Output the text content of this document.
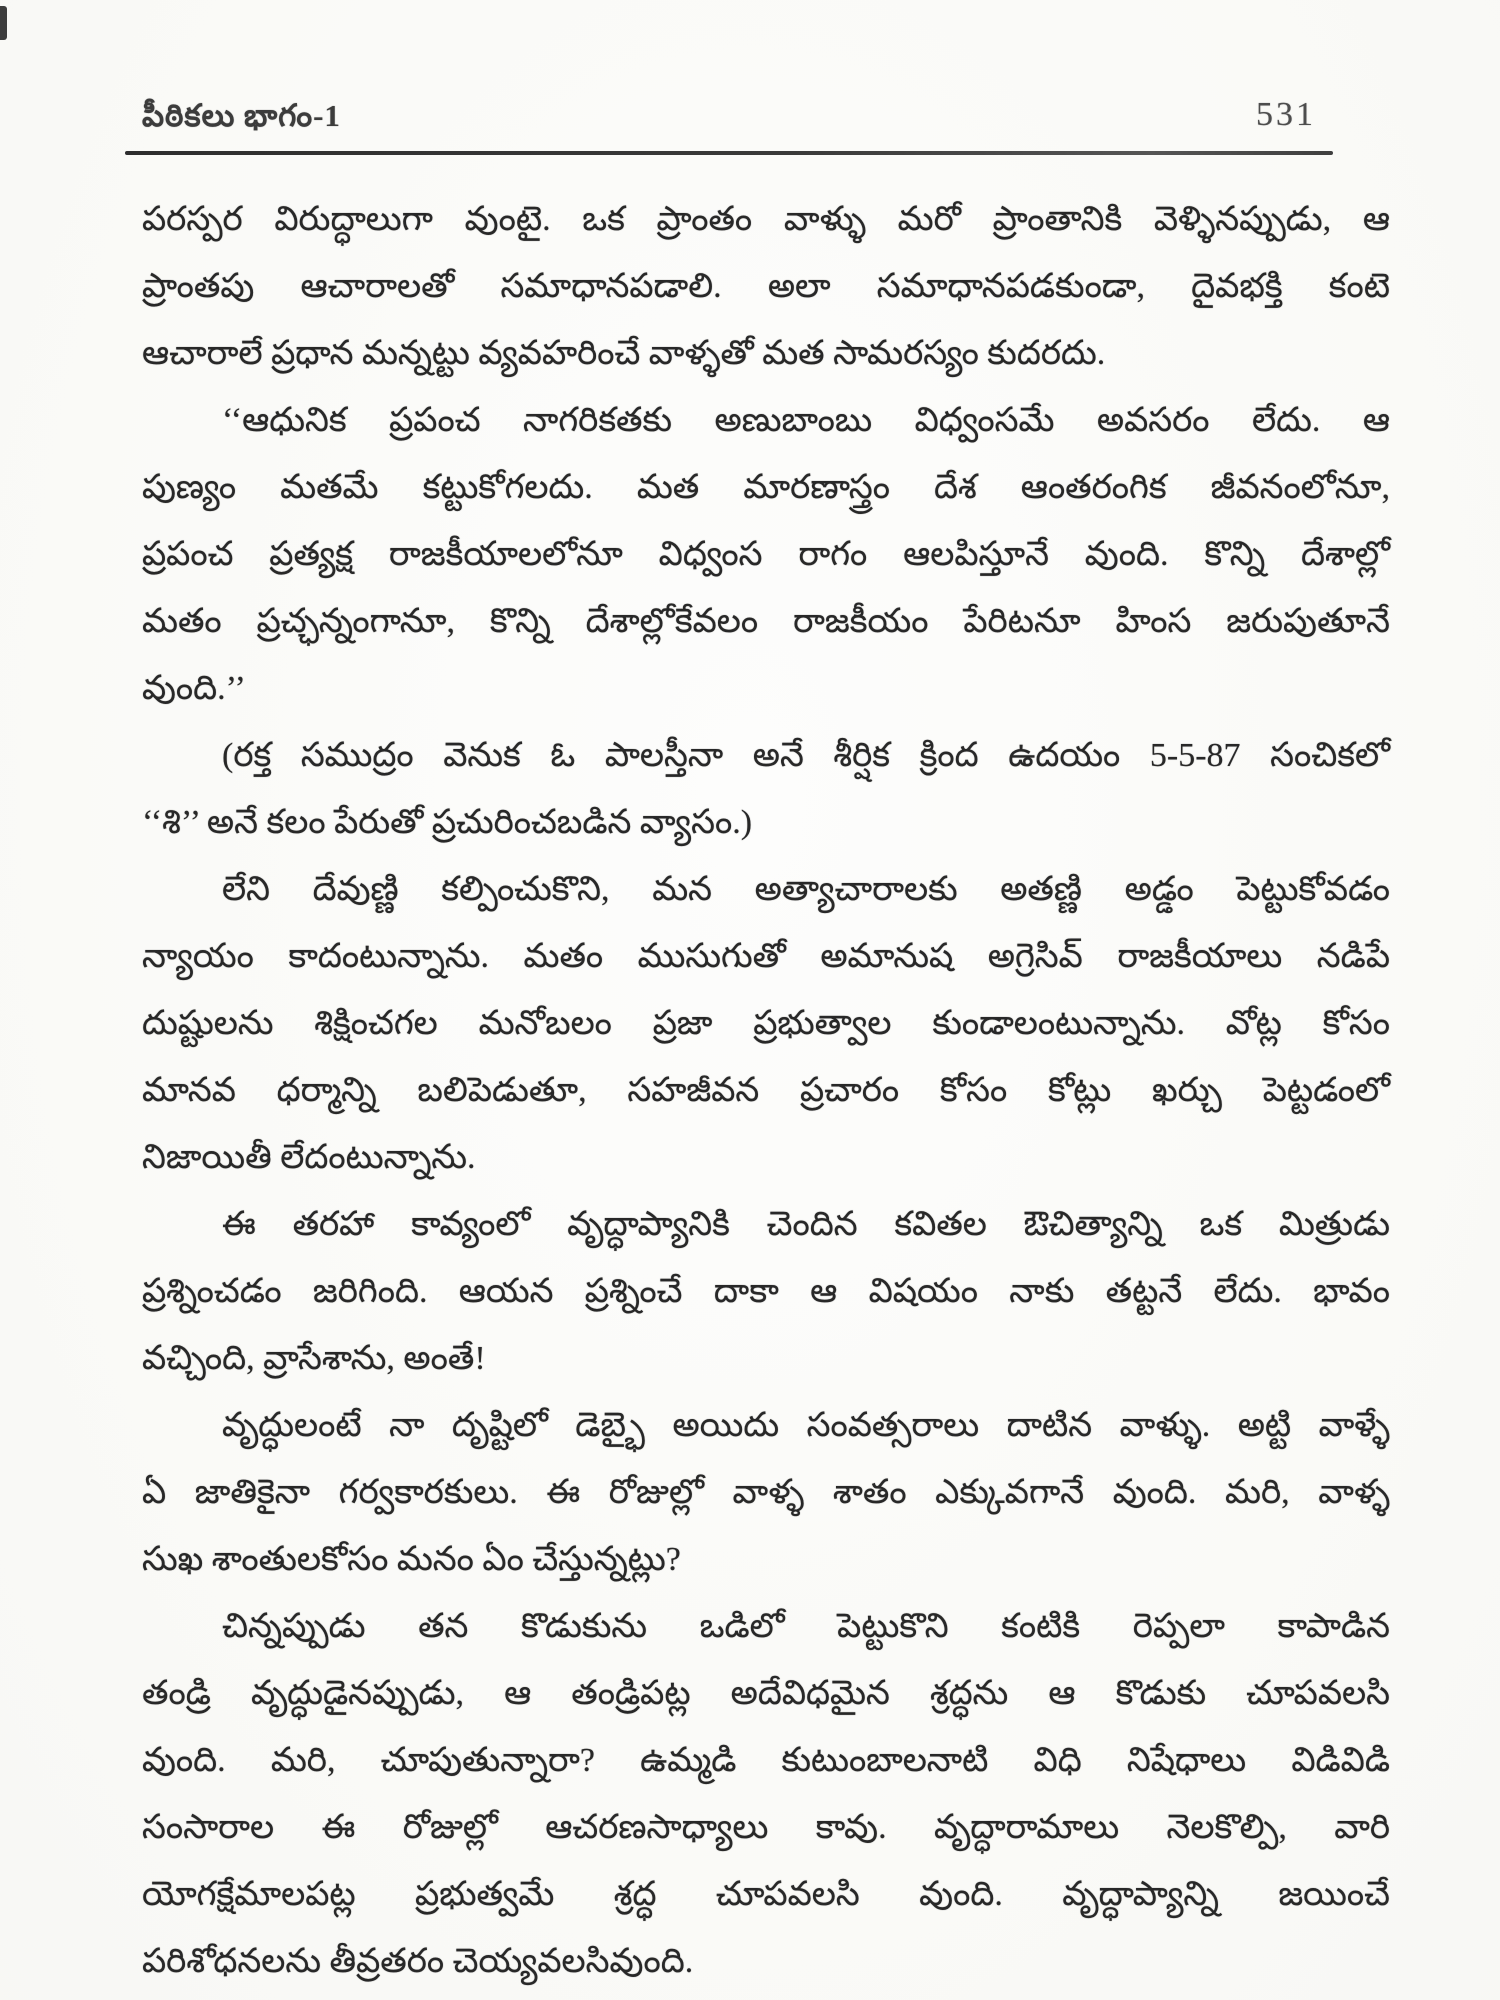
పీఠికలు భాగం-1	531
పరస్పర విరుద్ధాలుగా వుంటై. ఒక ప్రాంతం వాళ్ళు మరో ప్రాంతానికి వెళ్ళినప్పుడు, ఆ
ప్రాంతపు ఆచారాలతో సమాధానపడాలి. అలా సమాధానపడకుండా, దైవభక్తి కంటె
ఆచారాలే ప్రధాన మన్నట్టు వ్యవహరించే వాళ్ళతో మత సామరస్యం కుదరదు.
‘‘ఆధునిక ప్రపంచ నాగరికతకు అణుబాంబు విధ్వంసమే అవసరం లేదు. ఆ
పుణ్యం మతమే కట్టుకోగలదు. మత మారణాస్త్రం దేశ ఆంతరంగిక జీవనంలోనూ,
ప్రపంచ ప్రత్యక్ష రాజకీయాలలోనూ విధ్వంస రాగం ఆలపిస్తూనే వుంది. కొన్ని దేశాల్లో
మతం ప్రచ్ఛన్నంగానూ, కొన్ని దేశాల్లోకేవలం రాజకీయం పేరిటనూ హింస జరుపుతూనే
వుంది.’’
(రక్త సముద్రం వెనుక ఓ పాలస్తీనా అనే శీర్షిక క్రింద ఉదయం 5-5-87 సంచికలో
‘‘శి’’ అనే కలం పేరుతో ప్రచురించబడిన వ్యాసం.)
లేని దేవుణ్ణి కల్పించుకొని, మన అత్యాచారాలకు అతణ్ణి అడ్డం పెట్టుకోవడం
న్యాయం కాదంటున్నాను. మతం ముసుగుతో అమానుష అగ్రెసివ్ రాజకీయాలు నడిపే
దుష్టులను శిక్షించగల మనోబలం ప్రజా ప్రభుత్వాల కుండాలంటున్నాను. వోట్ల కోసం
మానవ ధర్మాన్ని బలిపెడుతూ, సహజీవన ప్రచారం కోసం కోట్లు ఖర్చు పెట్టడంలో
నిజాయితీ లేదంటున్నాను.
ఈ తరహా కావ్యంలో వృద్ధాప్యానికి చెందిన కవితల ఔచిత్యాన్ని ఒక మిత్రుడు
ప్రశ్నించడం జరిగింది. ఆయన ప్రశ్నించే దాకా ఆ విషయం నాకు తట్టనే లేదు. భావం
వచ్చింది, వ్రాసేశాను, అంతే!
వృద్ధులంటే నా దృష్టిలో డెబ్భై అయిదు సంవత్సరాలు దాటిన వాళ్ళు. అట్టి వాళ్ళే
ఏ జాతికైనా గర్వకారకులు. ఈ రోజుల్లో వాళ్ళ శాతం ఎక్కువగానే వుంది. మరి, వాళ్ళ
సుఖ శాంతులకోసం మనం ఏం చేస్తున్నట్లు?
చిన్నప్పుడు తన కొడుకును ఒడిలో పెట్టుకొని కంటికి రెప్పలా కాపాడిన
తండ్రి వృద్ధుడైనప్పుడు, ఆ తండ్రిపట్ల అదేవిధమైన శ్రద్ధను ఆ కొడుకు చూపవలసి
వుంది. మరి, చూపుతున్నారా? ఉమ్మడి కుటుంబాలనాటి విధి నిషేధాలు విడివిడి
సంసారాల ఈ రోజుల్లో ఆచరణసాధ్యాలు కావు. వృద్ధారామాలు నెలకొల్పి, వారి
యోగక్షేమాలపట్ల ప్రభుత్వమే శ్రద్ధ చూపవలసి వుంది. వృద్ధాప్యాన్ని జయించే
పరిశోధనలను తీవ్రతరం చెయ్యవలసివుంది.
